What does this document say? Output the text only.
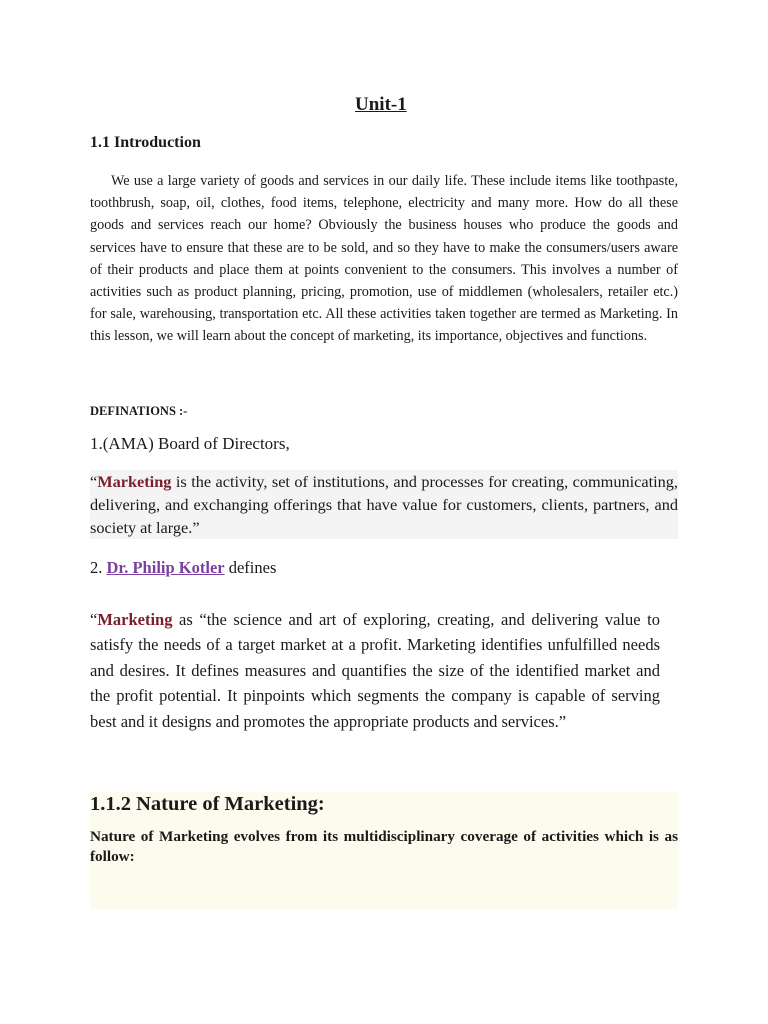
Unit-1
1.1 Introduction

We use a large variety of goods and services in our daily life. These include items like toothpaste, toothbrush, soap, oil, clothes, food items, telephone, electricity and many more. How do all these goods and services reach our home? Obviously the business houses who produce the goods and services have to ensure that these are to be sold, and so they have to make the consumers/users aware of their products and place them at points convenient to the consumers. This involves a number of activities such as product planning, pricing, promotion, use of middlemen (wholesalers, retailer etc.) for sale, warehousing, transportation etc. All these activities taken together are termed as Marketing. In this lesson, we will learn about the concept of marketing, its importance, objectives and functions.

DEFINATIONS :-

1.(AMA) Board of Directors,

“Marketing is the activity, set of institutions, and processes for creating, communicating, delivering, and exchanging offerings that have value for customers, clients, partners, and society at large.”

2. Dr. Philip Kotler defines

“Marketing as “the science and art of exploring, creating, and delivering value to satisfy the needs of a target market at a profit. Marketing identifies unfulfilled needs and desires. It defines measures and quantifies the size of the identified market and the profit potential. It pinpoints which segments the company is capable of serving best and it designs and promotes the appropriate products and services.”

1.1.2 Nature of Marketing:

Nature of Marketing evolves from its multidisciplinary coverage of activities which is as follow:
